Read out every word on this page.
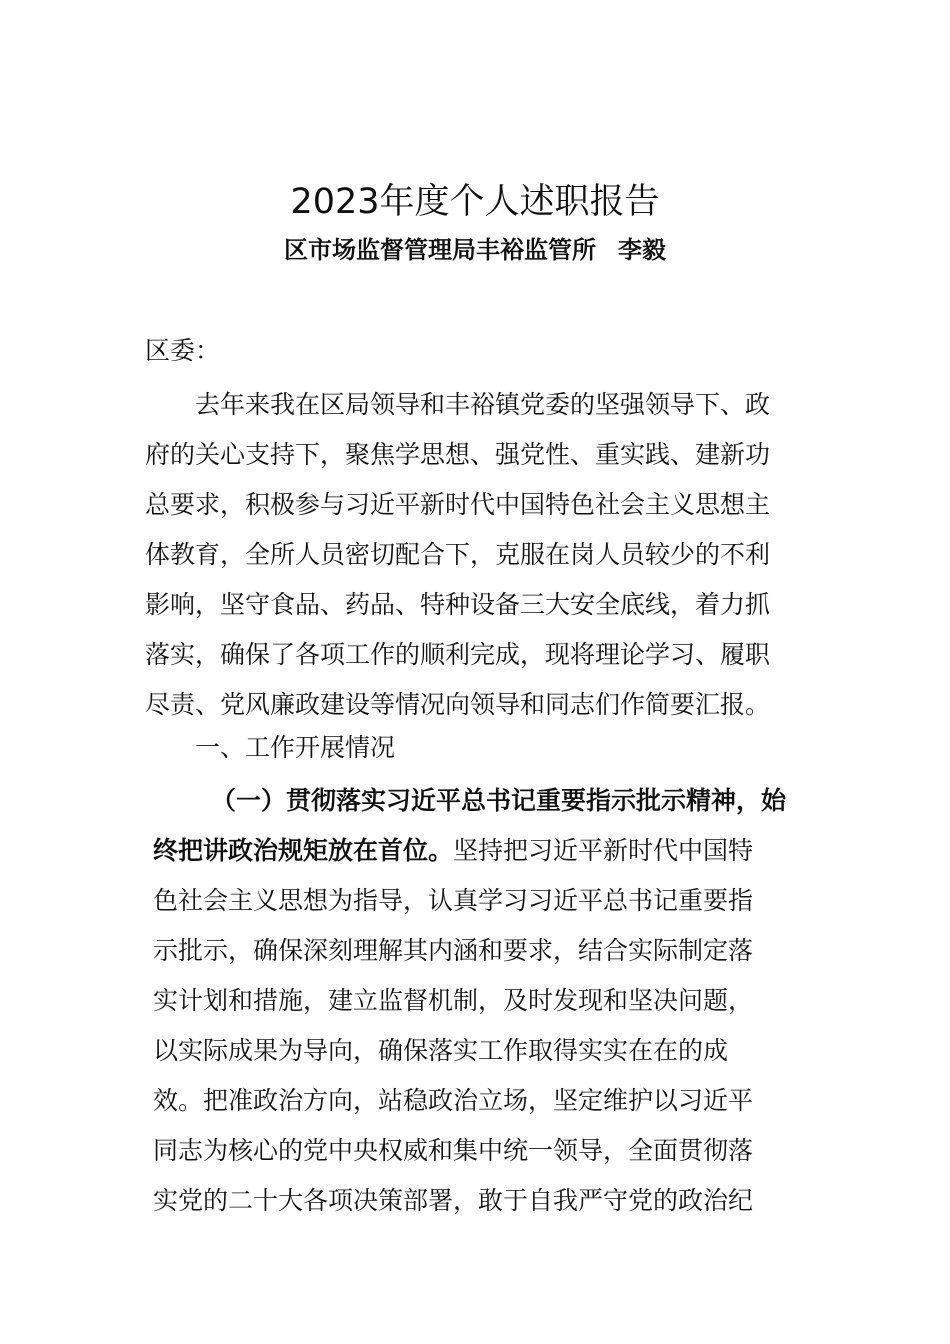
2023年度个人述职报告
区市场监督管理局丰裕监管所 李毅
区委：
去年来我在区局领导和丰裕镇党委的坚强领导下、政
府的关心支持下，聚焦学思想、强党性、重实践、建新功
总要求，积极参与习近平新时代中国特色社会主义思想主
体教育，全所人员密切配合下，克服在岗人员较少的不利
影响，坚守食品、药品、特种设备三大安全底线，着力抓
落实，确保了各项工作的顺利完成，现将理论学习、履职
尽责、党风廉政建设等情况向领导和同志们作简要汇报。
一、工作开展情况
（一）贯彻落实习近平总书记重要指示批示精神，始
终把讲政治规矩放在首位。坚持把习近平新时代中国特
色社会主义思想为指导，认真学习习近平总书记重要指
示批示，确保深刻理解其内涵和要求，结合实际制定落
实计划和措施，建立监督机制，及时发现和坚决问题，
以实际成果为导向，确保落实工作取得实实在在的成
效。把准政治方向，站稳政治立场，坚定维护以习近平
同志为核心的党中央权威和集中统一领导，全面贯彻落
实党的二十大各项决策部署，敢于自我严守党的政治纪
